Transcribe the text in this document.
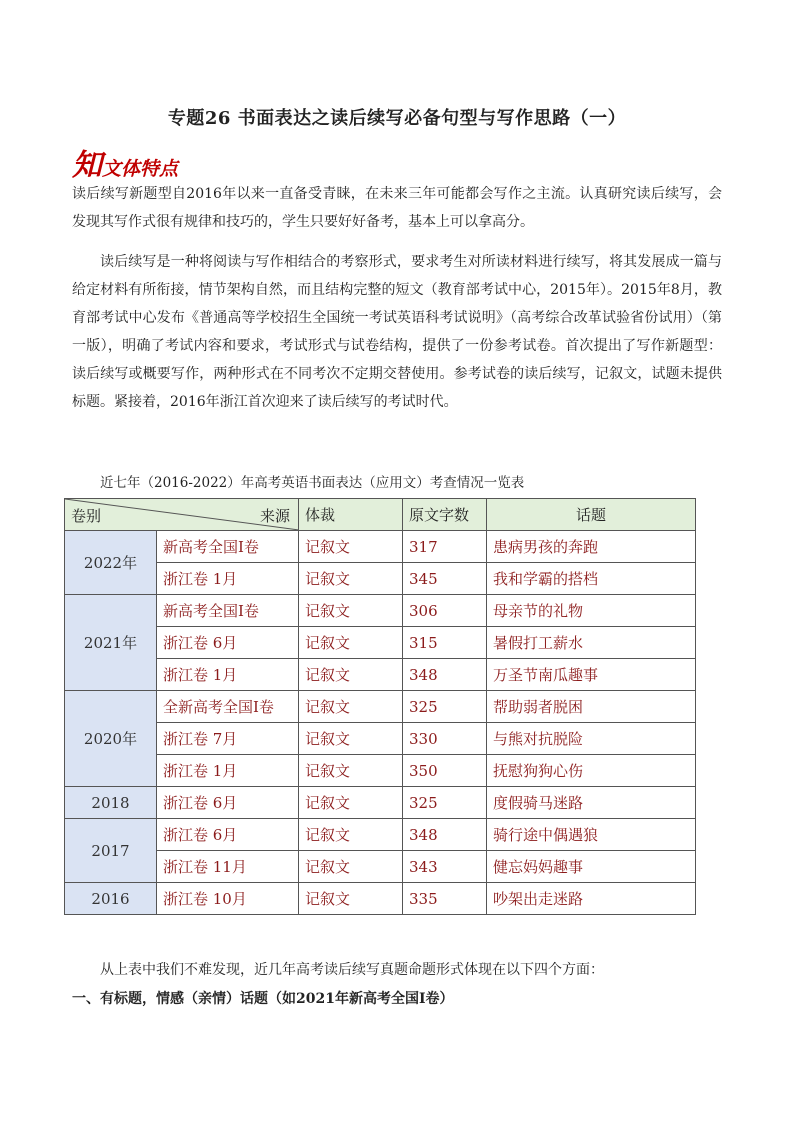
专题26 书面表达之读后续写必备句型与写作思路（一）
知文体特点

读后续写新题型自2016年以来一直备受青睐，在未来三年可能都会写作之主流。认真研究读后续写，会发现其写作式很有规律和技巧的，学生只要好好备考，基本上可以拿高分。

读后续写是一种将阅读与写作相结合的考察形式，要求考生对所读材料进行续写，将其发展成一篇与给定材料有所衔接，情节架构自然，而且结构完整的短文（教育部考试中心，2015年）。2015年8月，教育部考试中心发布《普通高等学校招生全国统一考试英语科考试说明》（高考综合改革试验省份试用）（第一版），明确了考试内容和要求，考试形式与试卷结构，提供了一份参考试卷。首次提出了写作新题型：读后续写或概要写作，两种形式在不同考次不定期交替使用。参考试卷的读后续写，记叙文，试题未提供标题。紧接着，2016年浙江首次迎来了读后续写的考试时代。

近七年（2016-2022）年高考英语书面表达（应用文）考查情况一览表
卷别 来源		体裁	原文字数	话题
2022年	新高考全国Ⅰ卷	记叙文	317	患病男孩的奔跑
	浙江卷 1月	记叙文	345	我和学霸的搭档
2021年	新高考全国Ⅰ卷	记叙文	306	母亲节的礼物
	浙江卷 6月	记叙文	315	暑假打工薪水
	浙江卷 1月	记叙文	348	万圣节南瓜趣事
2020年	全新高考全国Ⅰ卷	记叙文	325	帮助弱者脱困
	浙江卷 7月	记叙文	330	与熊对抗脱险
	浙江卷 1月	记叙文	350	抚慰狗狗心伤
2018	浙江卷 6月	记叙文	325	度假骑马迷路
2017	浙江卷 6月	记叙文	348	骑行途中偶遇狼
	浙江卷 11月	记叙文	343	健忘妈妈趣事
2016	浙江卷 10月	记叙文	335	吵架出走迷路

从上表中我们不难发现，近几年高考读后续写真题命题形式体现在以下四个方面：

一、有标题，情感（亲情）话题（如2021年新高考全国Ⅰ卷）
